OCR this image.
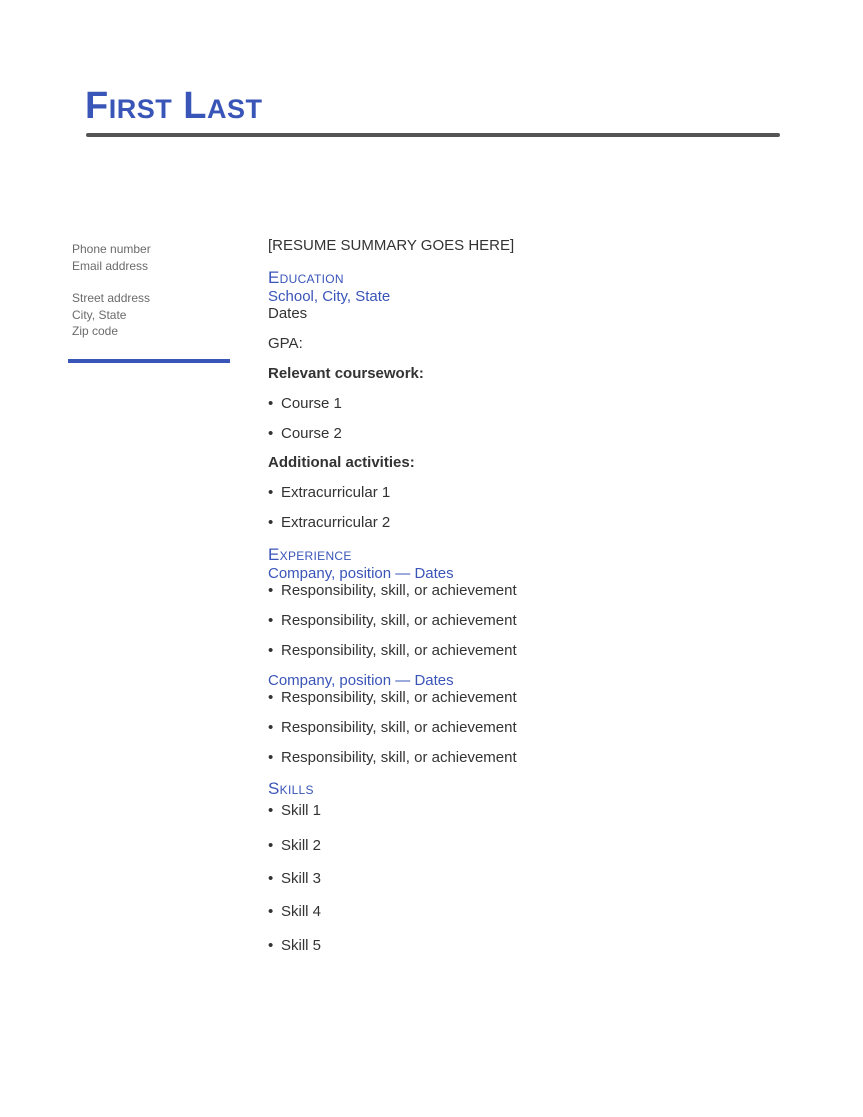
First Last
Phone number
Email address
Street address
City, State
Zip code
[RESUME SUMMARY GOES HERE]
Education
School, City, State
Dates
GPA:
Relevant coursework:
• Course 1
• Course 2
Additional activities:
• Extracurricular 1
• Extracurricular 2
Experience
Company, position — Dates
• Responsibility, skill, or achievement
• Responsibility, skill, or achievement
• Responsibility, skill, or achievement
Company, position — Dates
• Responsibility, skill, or achievement
• Responsibility, skill, or achievement
• Responsibility, skill, or achievement
Skills
• Skill 1
• Skill 2
• Skill 3
• Skill 4
• Skill 5
